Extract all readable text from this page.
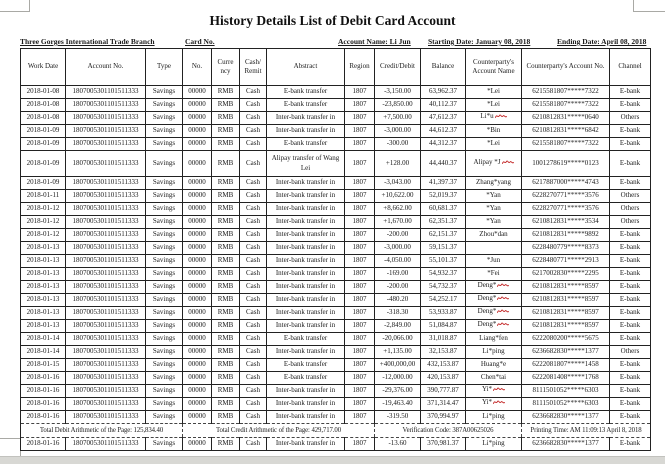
History Details List of Debit Card Account
Three Gorges International Trade Branch	Card No.	Account Name: Li Jun Starting Date: January 08, 2018	Ending Date: April 08, 2018
Work Date	Account No.	Type	No.	Curre ncy	Cash/ Remit	Abstract	Region	Credit/Debit	Balance	Counterparty's Account Name	Counterparty's Account No.	Channel
2018-01-08	1807005301101511333	Savings	00000	RMB	Cash	E-bank transfer	1807	-3,150.00	63,962.37	*Lei	6215581807*****7322	E-bank
2018-01-08	1807005301101511333	Savings	00000	RMB	Cash	E-bank transfer	1807	-23,850.00	40,112.37	*Lei	6215581807*****7322	E-bank
2018-01-08	1807005301101511333	Savings	00000	RMB	Cash	Inter-bank transfer in	1807	+7,500.00	47,612.37	Li*u	6210812831*****0640	Others
2018-01-09	1807005301101511333	Savings	00000	RMB	Cash	Inter-bank transfer in	1807	-3,000.00	44,612.37	*Bin	6210812831*****6842	E-bank
2018-01-09	1807005301101511333	Savings	00000	RMB	Cash	E-bank transfer	1807	-300.00	44,312.37	*Lei	6215581807*****7322	E-bank
2018-01-09	1807005301101511333	Savings	00000	RMB	Cash	Alipay transfer of Wang Lei	1807	+128.00	44,440.37	Alipay *J	1001278619*****0123	E-bank
2018-01-09	1807005301101511333	Savings	00000	RMB	Cash	Inter-bank transfer in	1807	-3,043.00	41,397.37	Zhang*yang	6217887000*****4743	E-bank
2018-01-11	1807005301101511333	Savings	00000	RMB	Cash	Inter-bank transfer in	1807	+10,622.00	52,019.37	*Yan	6228270771*****3576	Others
2018-01-12	1807005301101511333	Savings	00000	RMB	Cash	Inter-bank transfer in	1807	+8,662.00	60,681.37	*Yan	6228270771*****3576	Others
2018-01-12	1807005301101511333	Savings	00000	RMB	Cash	Inter-bank transfer in	1807	+1,670.00	62,351.37	*Yan	6210812831*****3534	Others
2018-01-12	1807005301101511333	Savings	00000	RMB	Cash	Inter-bank transfer in	1807	-200.00	62,151.37	Zhou*dan	6210812831*****9892	E-bank
2018-01-13	1807005301101511333	Savings	00000	RMB	Cash	Inter-bank transfer in	1807	-3,000.00	59,151.37		6228480779*****8373	E-bank
2018-01-13	1807005301101511333	Savings	00000	RMB	Cash	Inter-bank transfer in	1807	-4,050.00	55,101.37	*Jun	6228480771*****2913	E-bank
2018-01-13	1807005301101511333	Savings	00000	RMB	Cash	Inter-bank transfer in	1807	-169.00	54,932.37	*Fei	6217002830*****2295	E-bank
2018-01-13	1807005301101511333	Savings	00000	RMB	Cash	Inter-bank transfer in	1807	-200.00	54,732.37	Deng*	6210812831*****8597	E-bank
2018-01-13	1807005301101511333	Savings	00000	RMB	Cash	Inter-bank transfer in	1807	-480.20	54,252.17	Deng*	6210812831*****8597	E-bank
2018-01-13	1807005301101511333	Savings	00000	RMB	Cash	Inter-bank transfer in	1807	-318.30	53,933.87	Deng*	6210812831*****8597	E-bank
2018-01-13	1807005301101511333	Savings	00000	RMB	Cash	Inter-bank transfer in	1807	-2,849.00	51,084.87	Deng*	6210812831*****8597	E-bank
2018-01-14	1807005301101511333	Savings	00000	RMB	Cash	E-bank transfer	1807	-20,066.00	31,018.87	Liang*fen	6222080200*****5675	E-bank
2018-01-14	1807005301101511333	Savings	00000	RMB	Cash	Inter-bank transfer in	1807	+1,135.00	32,153.87	Li*ping	6236682830*****1377	Others
2018-01-15	1807005301101511333	Savings	00000	RMB	Cash	E-bank transfer	1807	+400,000,00	432,153.87	Huang*e	6222081807*****1458	E-bank
2018-01-16	1807005301101511333	Savings	00000	RMB	Cash	E-bank transfer	1807	-12,000.00	420,153.87	Chen*tai	6222081408*****1768	E-bank
2018-01-16	1807005301101511333	Savings	00000	RMB	Cash	Inter-bank transfer in	1807	-29,376.00	390,777.87	Yi*	8111501052*****6303	E-bank
2018-01-16	1807005301101511333	Savings	00000	RMB	Cash	Inter-bank transfer in	1807	-19,463.40	371,314.47	Yi*	8111501052*****6303	E-bank
2018-01-16	1807005301101511333	Savings	00000	RMB	Cash	Inter-bank transfer in	1807	-319.50	370,994.97	Li*ping	6236682830*****1377	E-bank
Total Debit Arithmetic of the Page: 125,834.40			Total Credit Arithmetic of the Page: 429,717.00					Verification Code: 387A00625026			Printing Time: AM 11:09:13 April 8, 2018	
2018-01-16	1807005301101511333	Savings	00000	RMB	Cash	Inter-bank transfer in	1807	-13.60	370,981.37	Li*ping	6236682830*****1377	E-bank
